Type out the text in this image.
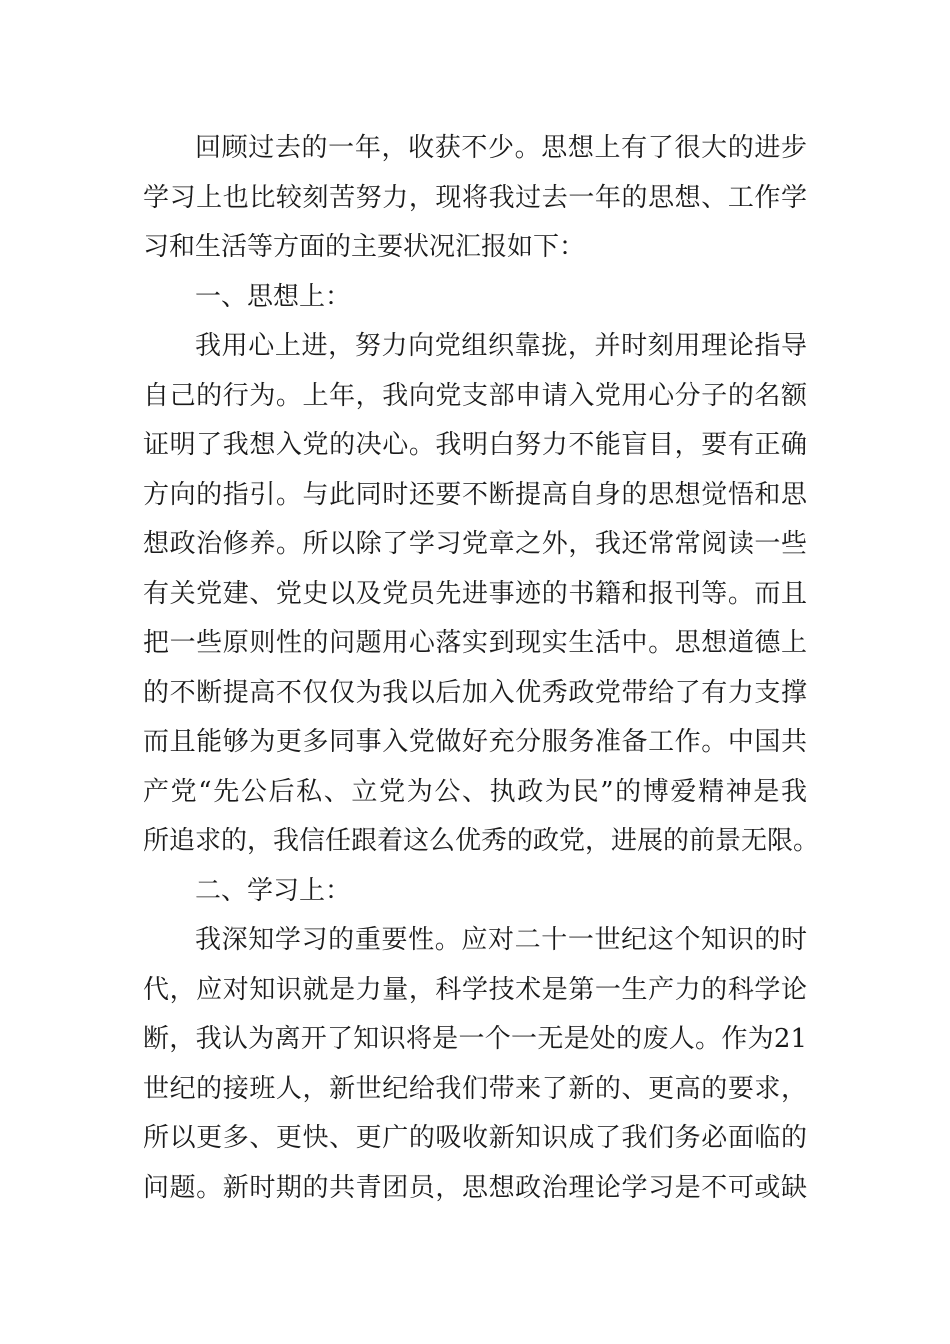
回顾过去的一年，收获不少。思想上有了很大的进步
学习上也比较刻苦努力，现将我过去一年的思想、工作学
习和生活等方面的主要状况汇报如下：
一、思想上：
我用心上进，努力向党组织靠拢，并时刻用理论指导
自己的行为。上年，我向党支部申请入党用心分子的名额
证明了我想入党的决心。我明白努力不能盲目，要有正确
方向的指引。与此同时还要不断提高自身的思想觉悟和思
想政治修养。所以除了学习党章之外，我还常常阅读一些
有关党建、党史以及党员先进事迹的书籍和报刊等。而且
把一些原则性的问题用心落实到现实生活中。思想道德上
的不断提高不仅仅为我以后加入优秀政党带给了有力支撑
而且能够为更多同事入党做好充分服务准备工作。中国共
产党“先公后私、立党为公、执政为民”的博爱精神是我
所追求的，我信任跟着这么优秀的政党，进展的前景无限。
二、学习上：
我深知学习的重要性。应对二十一世纪这个知识的时
代，应对知识就是力量，科学技术是第一生产力的科学论
断，我认为离开了知识将是一个一无是处的废人。作为21
世纪的接班人，新世纪给我们带来了新的、更高的要求，
所以更多、更快、更广的吸收新知识成了我们务必面临的
问题。新时期的共青团员，思想政治理论学习是不可或缺
